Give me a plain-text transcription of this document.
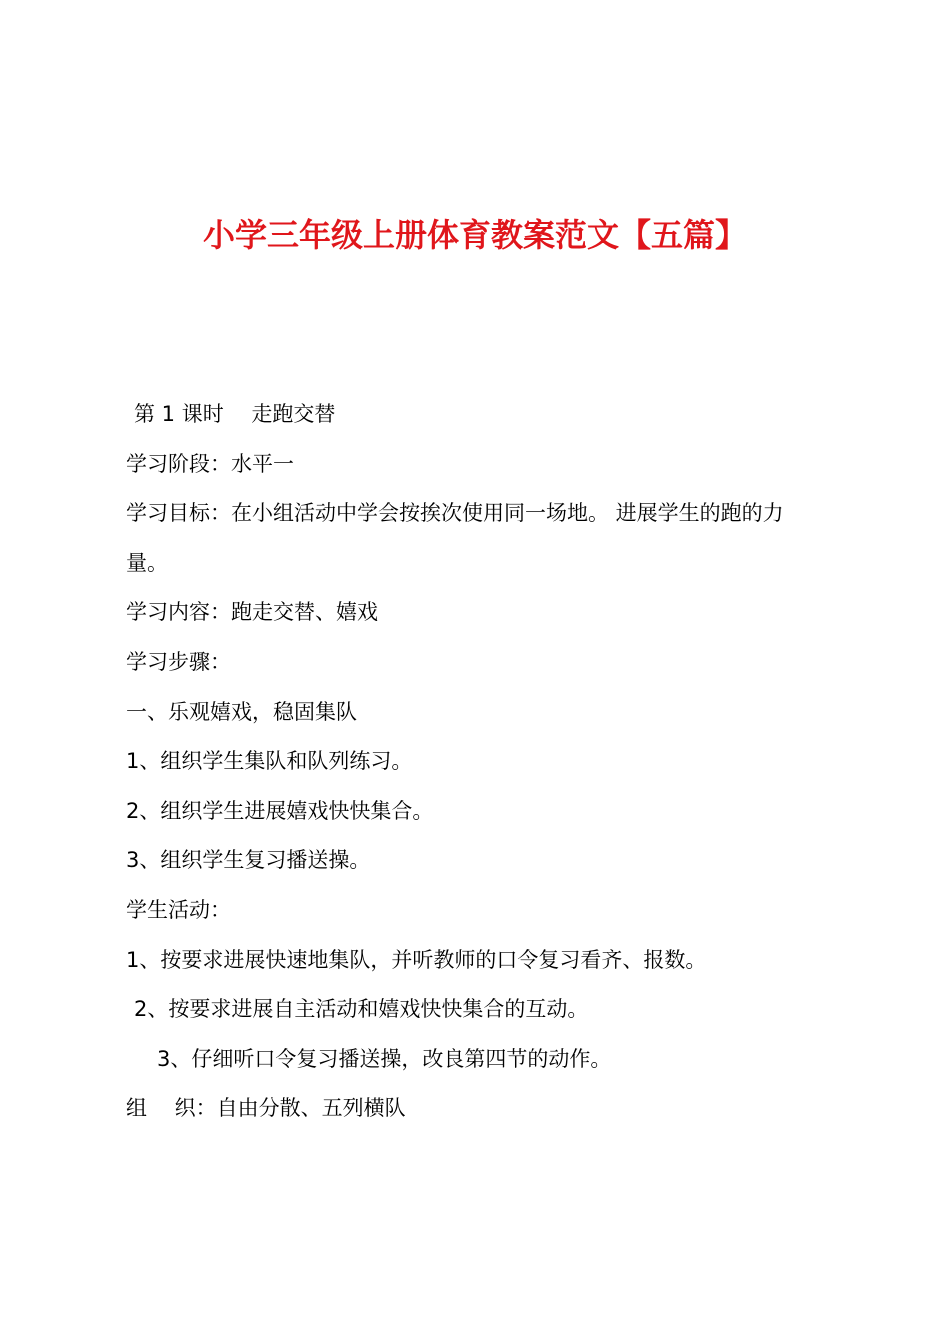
小学三年级上册体育教案范文【五篇】
第 1 课时　 走跑交替
学习阶段：水平一
学习目标：在小组活动中学会按挨次使用同一场地。 进展学生的跑的力
量。
学习内容：跑走交替、嬉戏
学习步骤：
一、乐观嬉戏，稳固集队
1、组织学生集队和队列练习。
2、组织学生进展嬉戏快快集合。
3、组织学生复习播送操。
学生活动：
1、按要求进展快速地集队，并听教师的口令复习看齐、报数。
2、按要求进展自主活动和嬉戏快快集合的互动。
3、仔细听口令复习播送操，改良第四节的动作。
组　 织：自由分散、五列横队
